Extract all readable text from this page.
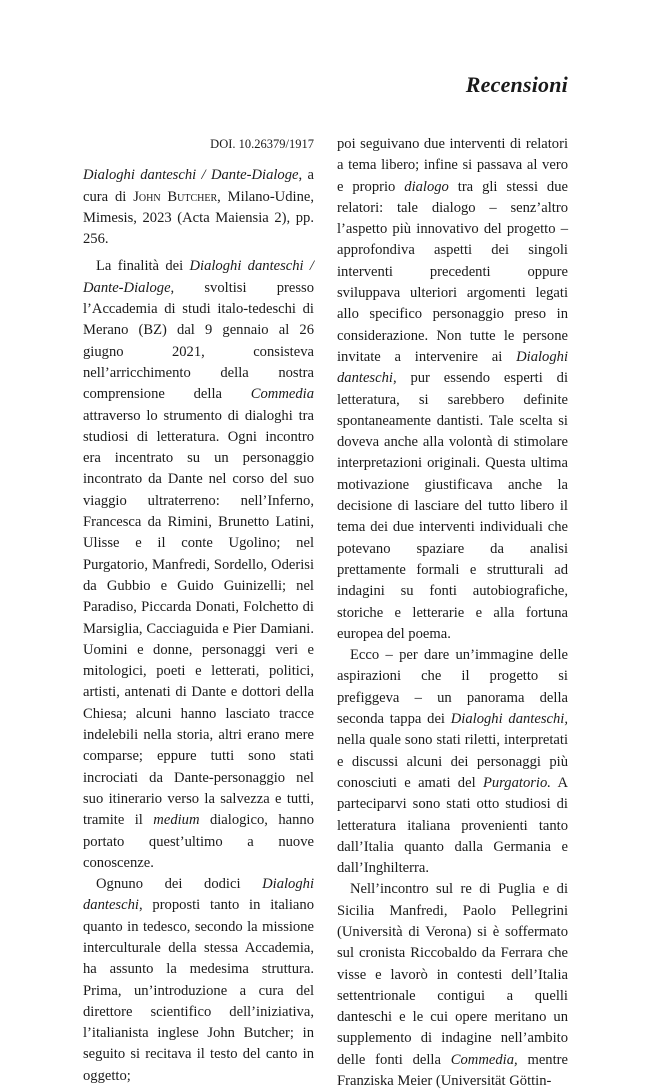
Recensioni

DOI. 10.26379/1917

Dialoghi danteschi / Dante-Dialoge, a cura di John Butcher, Milano-Udine, Mimesis, 2023 (Acta Maiensia 2), pp. 256.

La finalità dei Dialoghi danteschi / Dante-Dialoge, svoltisi presso l’Accademia di studi italo-tedeschi di Merano (BZ) dal 9 gennaio al 26 giugno 2021, consisteva nell’arricchimento della nostra comprensione della Commedia attraverso lo strumento di dialoghi tra studiosi di letteratura. Ogni incontro era incentrato su un personaggio incontrato da Dante nel corso del suo viaggio ultraterreno: nell’Inferno, Francesca da Rimini, Brunetto Latini, Ulisse e il conte Ugolino; nel Purgatorio, Manfredi, Sordello, Oderisi da Gubbio e Guido Guinizelli; nel Paradiso, Piccarda Donati, Folchetto di Marsiglia, Cacciaguida e Pier Damiani. Uomini e donne, personaggi veri e mitologici, poeti e letterati, politici, artisti, antenati di Dante e dottori della Chiesa; alcuni hanno lasciato tracce indelebili nella storia, altri erano mere comparse; eppure tutti sono stati incrociati da Dante-personaggio nel suo itinerario verso la salvezza e tutti, tramite il medium dialogico, hanno portato quest’ultimo a nuove conoscenze.

Ognuno dei dodici Dialoghi danteschi, proposti tanto in italiano quanto in tedesco, secondo la missione interculturale della stessa Accademia, ha assunto la medesima struttura. Prima, un’introduzione a cura del direttore scientifico dell’iniziativa, l’italianista inglese John Butcher; in seguito si recitava il testo del canto in oggetto;

poi seguivano due interventi di relatori a tema libero; infine si passava al vero e proprio dialogo tra gli stessi due relatori: tale dialogo – senz’altro l’aspetto più innovativo del progetto – approfondiva aspetti dei singoli interventi precedenti oppure sviluppava ulteriori argomenti legati allo specifico personaggio preso in considerazione. Non tutte le persone invitate a intervenire ai Dialoghi danteschi, pur essendo esperti di letteratura, si sarebbero definite spontaneamente dantisti. Tale scelta si doveva anche alla volontà di stimolare interpretazioni originali. Questa ultima motivazione giustificava anche la decisione di lasciare del tutto libero il tema dei due interventi individuali che potevano spaziare da analisi prettamente formali e strutturali ad indagini su fonti autobiografiche, storiche e letterarie e alla fortuna europea del poema.

Ecco – per dare un’immagine delle aspirazioni che il progetto si prefiggeva – un panorama della seconda tappa dei Dialoghi danteschi, nella quale sono stati riletti, interpretati e discussi alcuni dei personaggi più conosciuti e amati del Purgatorio. A parteciparvi sono stati otto studiosi di letteratura italiana provenienti tanto dall’Italia quanto dalla Germania e dall’Inghilterra.

Nell’incontro sul re di Puglia e di Sicilia Manfredi, Paolo Pellegrini (Università di Verona) si è soffermato sul cronista Riccobaldo da Ferrara che visse e lavorò in contesti dell’Italia settentrionale contigui a quelli danteschi e le cui opere meritano un supplemento di indagine nell’ambito delle fonti della Commedia, mentre Franziska Meier (Universität Göttin-
